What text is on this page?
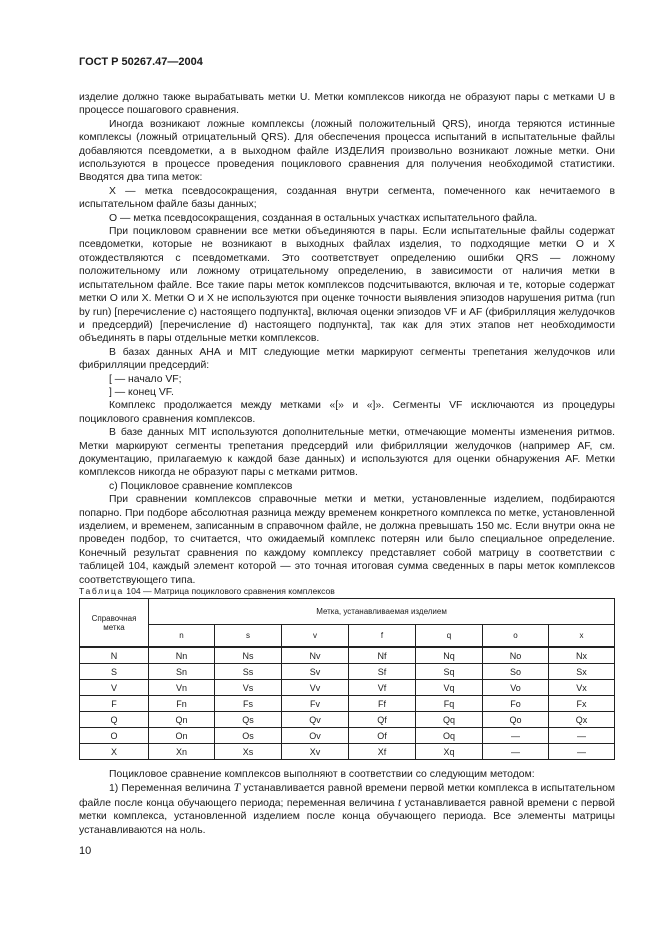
ГОСТ Р 50267.47—2004

изделие должно также вырабатывать метки U. Метки комплексов никогда не образуют пары с метками U в процессе пошагового сравнения.

Иногда возникают ложные комплексы (ложный положительный QRS), иногда теряются истинные комплексы (ложный отрицательный QRS). Для обеспечения процесса испытаний в испытательные файлы добавляются псевдометки, а в выходном файле ИЗДЕЛИЯ произвольно возникают ложные метки. Они используются в процессе проведения поциклового сравнения для получения необходимой статистики. Вводятся два типа меток:

X — метка псевдосокращения, созданная внутри сегмента, помеченного как нечитаемого в испытательном файле базы данных;

O — метка псевдосокращения, созданная в остальных участках испытательного файла.

При поцикловом сравнении все метки объединяются в пары. Если испытательные файлы содержат псевдометки, которые не возникают в выходных файлах изделия, то подходящие метки O и X отождествляются с псевдометками. Это соответствует определению ошибки QRS — ложному положительному или ложному отрицательному определению, в зависимости от наличия метки в испытательном файле. Все такие пары меток комплексов подсчитываются, включая и те, которые содержат метки O или X. Метки O и X не используются при оценке точности выявления эпизодов нарушения ритма (run by run) [перечисление c) настоящего подпункта], включая оценки эпизодов VF и AF (фибрилляция желудочков и предсердий) [перечисление d) настоящего подпункта], так как для этих этапов нет необходимости объединять в пары отдельные метки комплексов.

В базах данных AHA и MIT следующие метки маркируют сегменты трепетания желудочков или фибрилляции предсердий:

[ — начало VF;

] — конец VF.

Комплекс продолжается между метками «[» и «]». Сегменты VF исключаются из процедуры поциклового сравнения комплексов.

В базе данных MIT используются дополнительные метки, отмечающие моменты изменения ритмов. Метки маркируют сегменты трепетания предсердий или фибрилляции желудочков (например AF, см. документацию, прилагаемую к каждой базе данных) и используются для оценки обнаружения AF. Метки комплексов никогда не образуют пары с метками ритмов.

c) Поцикловое сравнение комплексов

При сравнении комплексов справочные метки и метки, установленные изделием, подбираются попарно. При подборе абсолютная разница между временем конкретного комплекса по метке, установленной изделием, и временем, записанным в справочном файле, не должна превышать 150 мс. Если внутри окна не проведен подбор, то считается, что ожидаемый комплекс потерян или было специальное определение. Конечный результат сравнения по каждому комплексу представляет собой матрицу в соответствии с таблицей 104, каждый элемент которой — это точная итоговая сумма сведенных в пары меток комплексов соответствующего типа.

Таблица 104 — Матрица поциклового сравнения комплексов
Справочная метка	Метка, устанавливаемая изделием						
	n	s	v	f	q	o	x
N	Nn	Ns	Nv	Nf	Nq	No	Nx
S	Sn	Ss	Sv	Sf	Sq	So	Sx
V	Vn	Vs	Vv	Vf	Vq	Vo	Vx
F	Fn	Fs	Fv	Ff	Fq	Fo	Fx
Q	Qn	Qs	Qv	Qf	Qq	Qo	Qx
O	On	Os	Ov	Of	Oq	—	—
X	Xn	Xs	Xv	Xf	Xq	—	—

Поцикловое сравнение комплексов выполняют в соответствии со следующим методом:

1) Переменная величина T устанавливается равной времени первой метки комплекса в испытательном файле после конца обучающего периода; переменная величина t устанавливается равной времени с первой метки комплекса, установленной изделием после конца обучающего периода. Все элементы матрицы устанавливаются на ноль.

10
